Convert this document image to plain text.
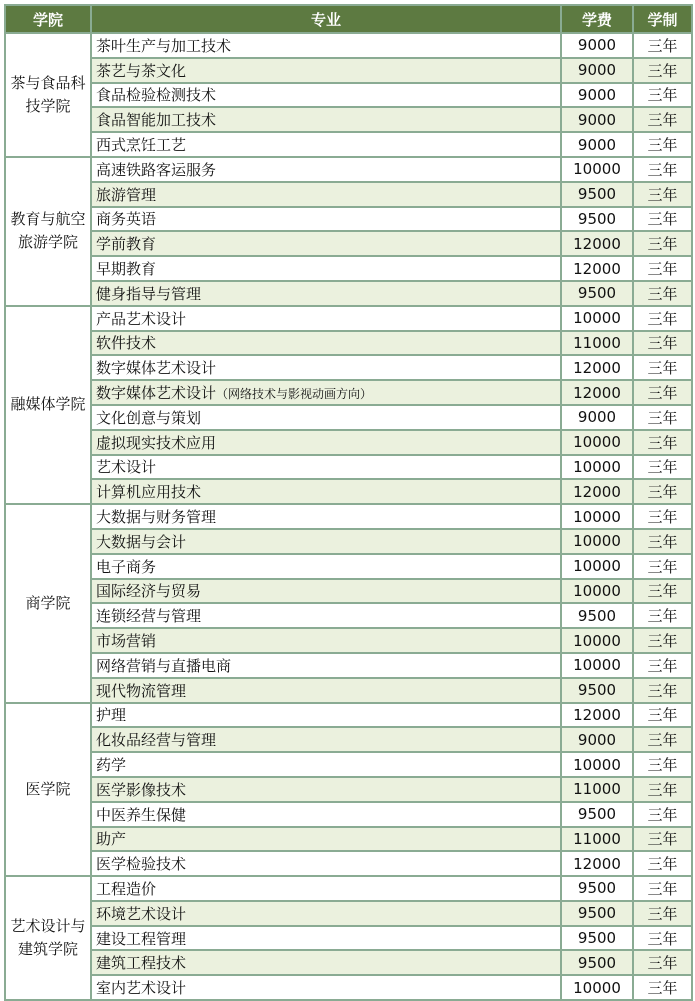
学院	专业	学费	学制
茶与食品科技学院	茶叶生产与加工技术	9000	三年
	茶艺与茶文化	9000	三年
	食品检验检测技术	9000	三年
	食品智能加工技术	9000	三年
	西式烹饪工艺	9000	三年
教育与航空旅游学院	高速铁路客运服务	10000	三年
	旅游管理	9500	三年
	商务英语	9500	三年
	学前教育	12000	三年
	早期教育	12000	三年
	健身指导与管理	9500	三年
融媒体学院	产品艺术设计	10000	三年
	软件技术	11000	三年
	数字媒体艺术设计	12000	三年
	数字媒体艺术设计（网络技术与影视动画方向）	12000	三年
	文化创意与策划	9000	三年
	虚拟现实技术应用	10000	三年
	艺术设计	10000	三年
	计算机应用技术	12000	三年
商学院	大数据与财务管理	10000	三年
	大数据与会计	10000	三年
	电子商务	10000	三年
	国际经济与贸易	10000	三年
	连锁经营与管理	9500	三年
	市场营销	10000	三年
	网络营销与直播电商	10000	三年
	现代物流管理	9500	三年
医学院	护理	12000	三年
	化妆品经营与管理	9000	三年
	药学	10000	三年
	医学影像技术	11000	三年
	中医养生保健	9500	三年
	助产	11000	三年
	医学检验技术	12000	三年
艺术设计与建筑学院	工程造价	9500	三年
	环境艺术设计	9500	三年
	建设工程管理	9500	三年
	建筑工程技术	9500	三年
	室内艺术设计	10000	三年
